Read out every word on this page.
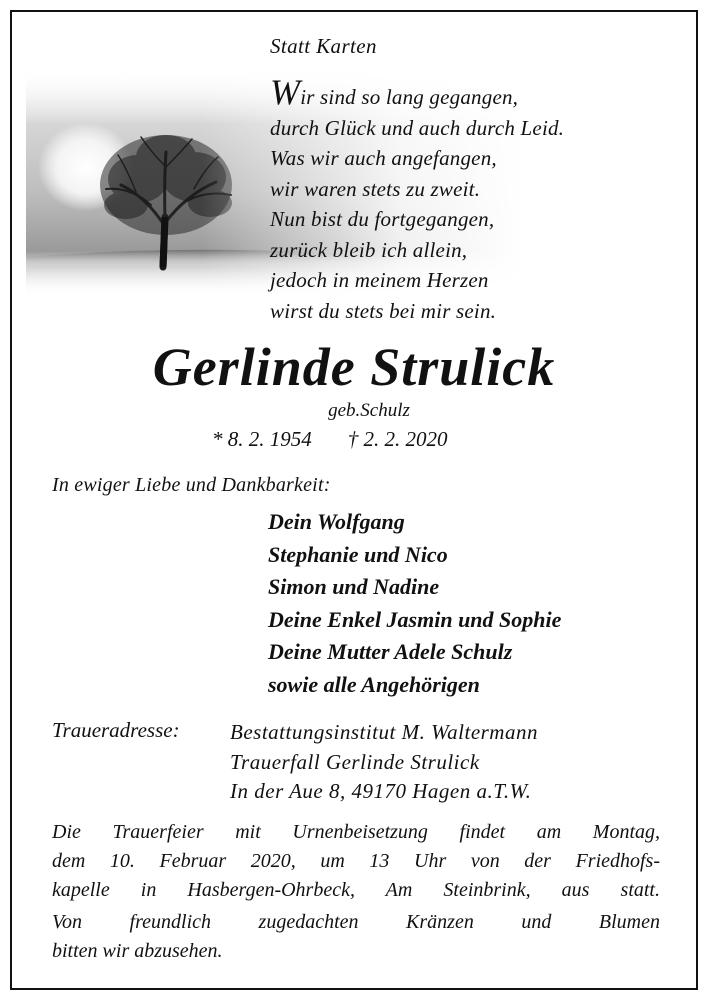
Statt Karten
Wir sind so lang gegangen,
durch Glück und auch durch Leid.
Was wir auch angefangen,
wir waren stets zu zweit.
Nun bist du fortgegangen,
zurück bleib ich allein,
jedoch in meinem Herzen
wirst du stets bei mir sein.
Gerlinde Strulick
geb.Schulz
* 8. 2. 1954 † 2. 2. 2020
In ewiger Liebe und Dankbarkeit:
Dein Wolfgang
Stephanie und Nico
Simon und Nadine
Deine Enkel Jasmin und Sophie
Deine Mutter Adele Schulz
sowie alle Angehörigen
Traueradresse: Bestattungsinstitut M. Waltermann
Trauerfall Gerlinde Strulick
In der Aue 8, 49170 Hagen a.T.W.
Die Trauerfeier mit Urnenbeisetzung findet am Montag,
dem 10. Februar 2020, um 13 Uhr von der Friedhofs-
kapelle in Hasbergen-Ohrbeck, Am Steinbrink, aus statt.
Von freundlich zugedachten Kränzen und Blumen
bitten wir abzusehen.
